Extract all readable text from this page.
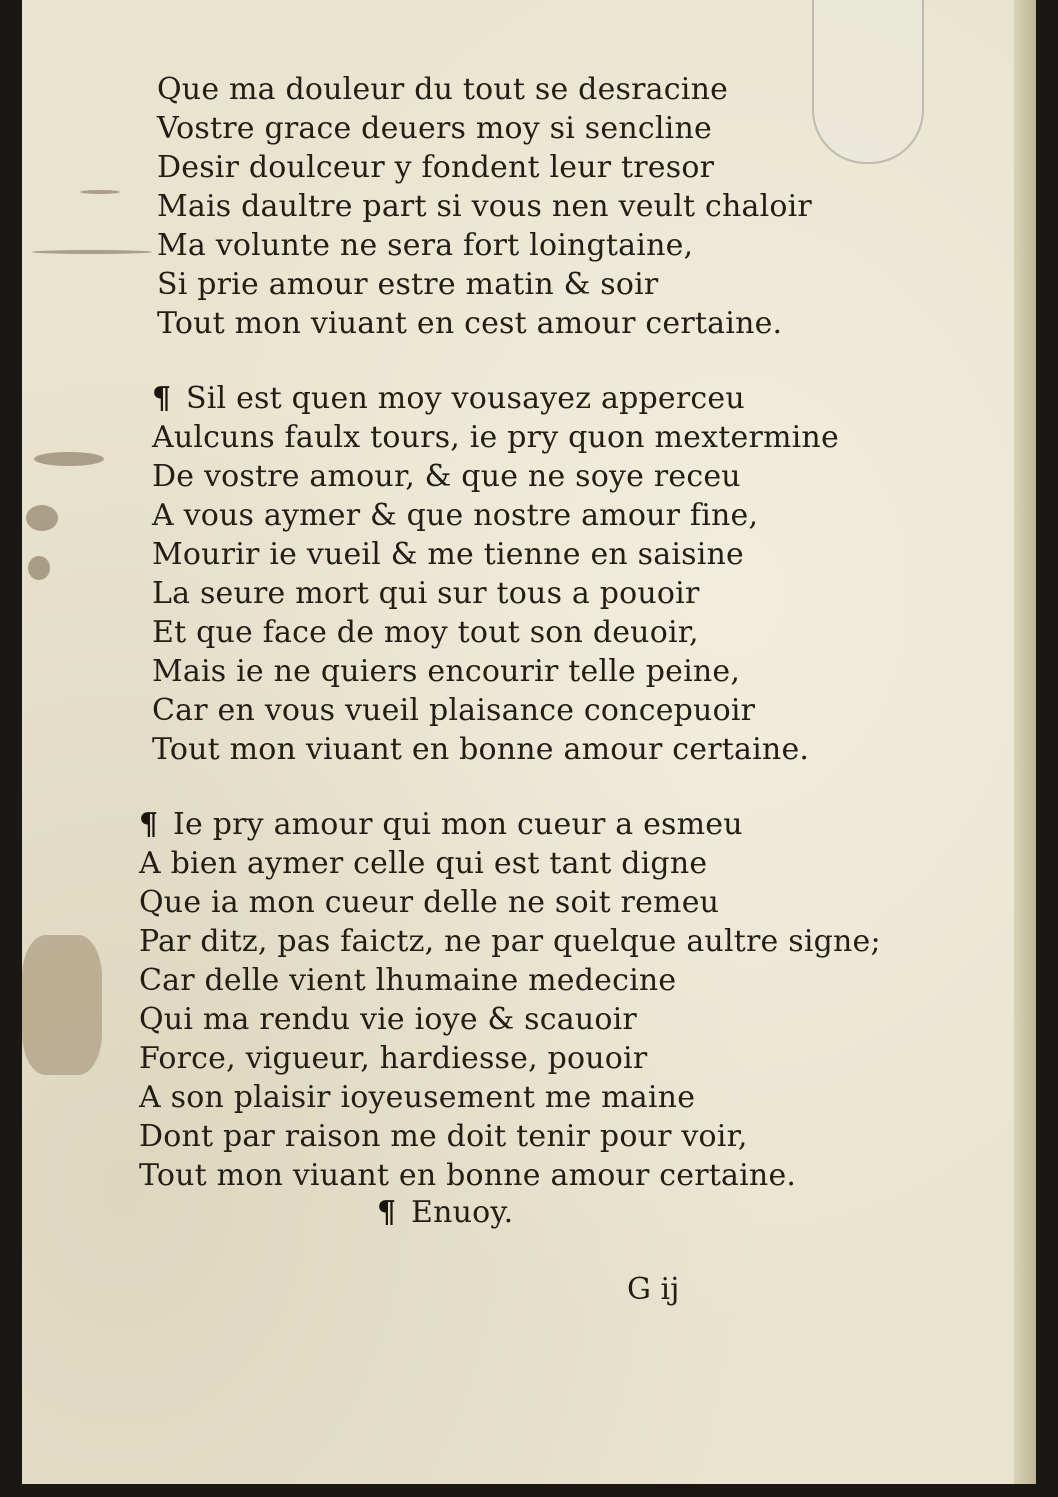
Que ma douleur du tout se desracine
Vostre grace deuers moy si sencline
Desir doulceur y fondent leur tresor
Mais daultre part si vous nen veult chaloir
Ma volunte ne sera fort loingtaine,
Si prie amour estre matin & soir
Tout mon viuant en cest amour certaine.
¶ Sil est quen moy vousayez apperceu
Aulcuns faulx tours, ie pry quon mextermine
De vostre amour, & que ne soye receu
A vous aymer & que nostre amour fine,
Mourir ie vueil & me tienne en saisine
La seure mort qui sur tous a pouoir
Et que face de moy tout son deuoir,
Mais ie ne quiers encourir telle peine,
Car en vous vueil plaisance concepuoir
Tout mon viuant en bonne amour certaine.
¶ Ie pry amour qui mon cueur a esmeu
A bien aymer celle qui est tant digne
Que ia mon cueur delle ne soit remeu
Par ditz, pas faictz, ne par quelque aultre signe;
Car delle vient lhumaine medecine
Qui ma rendu vie ioye & scauoir
Force, vigueur, hardiesse, pouoir
A son plaisir ioyeusement me maine
Dont par raison me doit tenir pour voir,
Tout mon viuant en bonne amour certaine.
¶ Enuoy.
G ij
